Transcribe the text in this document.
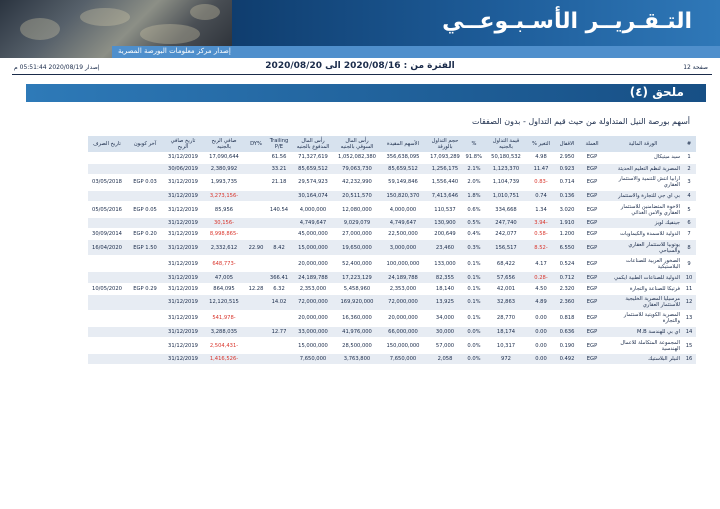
التـقـريــر الأسـبـوعــي
إصدار مركز معلومات البورصة المصرية
إصدار 2020/08/19 05:51:44 م	الفترة من : 2020/08/16 الى 2020/08/20	صفحة 12
ملحق (٤)
أسهم بورصة النيل المتداولة من حيث قيم التداول - بدون الصفقات
#	الورقة المالية	العملة	الاقفال	التغير %	قيمة التداول بالجنيه	%	حجم التداول بالورقة	الأسهم المقيدة	رأس المال السوقي بالجنيه	رأس المال المدفوع بالجنيه	Trailing P/E	%DY	صافي الربح بالجنيه	تاريخ صافي الربح	آخر كوبون	تاريخ الصرف
1	سيد ميتيكال	EGP	2.950	4.98	50,180,532	91.8%	17,093,289	356,638,095	1,052,082,380	71,327,619	61.56		17,090,644	31/12/2019		
2	المصرية لنظم التعليم الحديثة	EGP	0.923	11.47	1,123,370	2.1%	1,256,175	85,659,512	79,063,730	85,659,512	33.21		2,380,992	30/06/2019		
3	ارابيا انتش للتنمية والاستثمار العقاري	EGP	0.714	-0.83	1,104,739	2.0%	1,556,440	59,149,846	42,232,990	29,574,923	21.18		1,993,735	31/12/2019	EGP 0.03	03/05/2018
4	بي اي جي للتجارة والاستثمار	EGP	0.136	0.74	1,010,751	1.8%	7,413,646	150,820,370	20,511,570	30,164,074			-3,273,156	31/12/2019		
5	الاخوة المتضامنين للاستثمار العقاري والامن الغذائي	EGP	3.020	1.34	334,668	0.6%	110,537	4,000,000	12,080,000	4,000,000	140.54		85,956	31/12/2019	EGP 0.05	05/05/2016
6	جينفيك لويز	EGP	1.910	-3.94	247,740	0.5%	130,900	4,749,647	9,029,079	4,749,647			-30,156	31/12/2019		
7	الدولية للاسمدة والكيماويات	EGP	1.200	-0.58	242,077	0.4%	200,649	22,500,000	27,000,000	45,000,000			-8,998,865	31/12/2019	EGP 0.20	30/09/2014
8	يوتوبيا للاستثمار العقاري والسياحي	EGP	6.550	-8.52	156,517	0.3%	23,460	3,000,000	19,650,000	15,000,000	8.42	22.90	2,332,612	31/12/2019	EGP 1.50	16/04/2020
9	الصخور العربية للصناعات البلاستيكية	EGP	0.524	4.17	68,422	0.1%	133,000	100,000,000	52,400,000	20,000,000			-648,773	31/12/2019		
10	الدولية للصناعات الطبية ايكمي	EGP	0.712	-0.28	57,656	0.1%	82,355	24,189,788	17,223,129	24,189,788	366.41		47,005	31/12/2019		
11	فرتيكا للصناعة والتجارة	EGP	2.320	4.50	42,001	0.1%	18,140	2,353,000	5,458,960	2,353,000	6.32	12.28	864,095	31/12/2019	EGP 0.29	10/05/2020
12	مرسيليا المصرية الخليجية للاستثمار العقاري	EGP	2.360	4.89	32,863	0.1%	13,925	72,000,000	169,920,000	72,000,000	14.02		12,120,515	31/12/2019		
13	المصرية الكويتية للاستثمار والتجارة	EGP	0.818	0.00	28,770	0.1%	34,000	20,000,000	16,360,000	20,000,000			-541,978	31/12/2019		
14	اي بي للهندسة M.B	EGP	0.636	0.00	18,174	0.0%	30,000	66,000,000	41,976,000	33,000,000	12.77		3,288,035	31/12/2019		
15	المجموعة المتكاملة للاعمال الهندسية	EGP	0.190	0.00	10,317	0.0%	57,000	150,000,000	28,500,000	15,000,000			-2,504,431	31/12/2019		
16	النيلر البلاستيك	EGP	0.492	0.00	972	0.0%	2,058	7,650,000	3,763,800	7,650,000			-1,416,526	31/12/2019		
